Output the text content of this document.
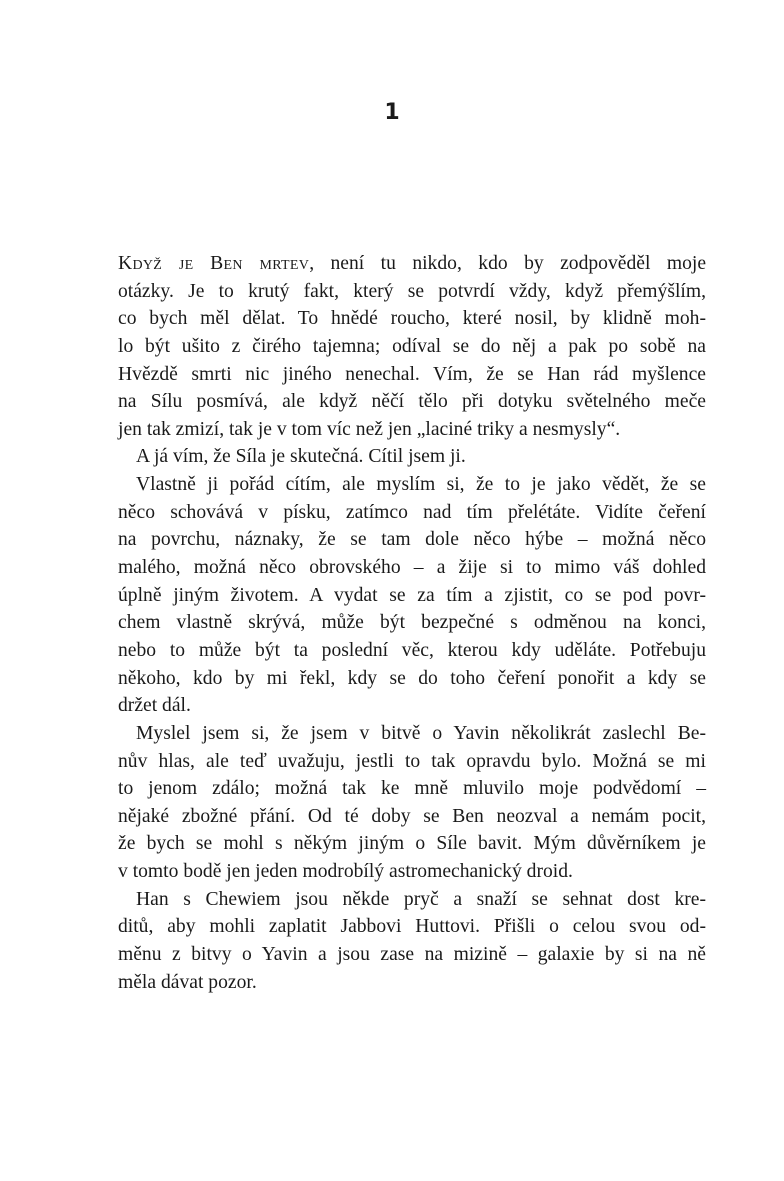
1
Když je Ben mrtev, není tu nikdo, kdo by zodpověděl moje
otázky. Je to krutý fakt, který se potvrdí vždy, když přemýšlím,
co bych měl dělat. To hnědé roucho, které nosil, by klidně moh-
lo být ušito z čirého tajemna; odíval se do něj a pak po sobě na
Hvězdě smrti nic jiného nenechal. Vím, že se Han rád myšlence
na Sílu posmívá, ale když něčí tělo při dotyku světelného meče
jen tak zmizí, tak je v tom víc než jen „laciné triky a nesmysly“.
A já vím, že Síla je skutečná. Cítil jsem ji.
Vlastně ji pořád cítím, ale myslím si, že to je jako vědět, že se
něco schovává v písku, zatímco nad tím přelétáte. Vidíte čeření
na povrchu, náznaky, že se tam dole něco hýbe – možná něco
malého, možná něco obrovského – a žije si to mimo váš dohled
úplně jiným životem. A vydat se za tím a zjistit, co se pod povr-
chem vlastně skrývá, může být bezpečné s odměnou na konci,
nebo to může být ta poslední věc, kterou kdy uděláte. Potřebuju
někoho, kdo by mi řekl, kdy se do toho čeření ponořit a kdy se
držet dál.
Myslel jsem si, že jsem v bitvě o Yavin několikrát zaslechl Be-
nův hlas, ale teď uvažuju, jestli to tak opravdu bylo. Možná se mi
to jenom zdálo; možná tak ke mně mluvilo moje podvědomí –
nějaké zbožné přání. Od té doby se Ben neozval a nemám pocit,
že bych se mohl s někým jiným o Síle bavit. Mým důvěrníkem je
v tomto bodě jen jeden modrobílý astromechanický droid.
Han s Chewiem jsou někde pryč a snaží se sehnat dost kre-
ditů, aby mohli zaplatit Jabbovi Huttovi. Přišli o celou svou od-
měnu z bitvy o Yavin a jsou zase na mizině – galaxie by si na ně
měla dávat pozor.
